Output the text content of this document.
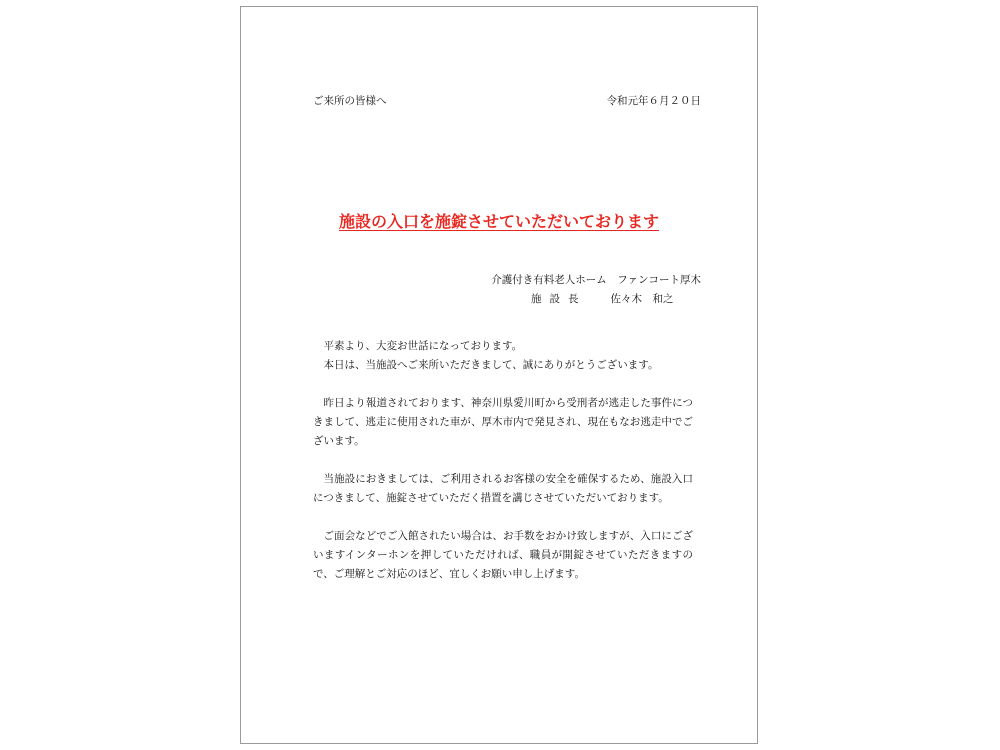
ご来所の皆様へ	令和元年６月２０日
施設の入口を施錠させていただいております
介護付き有料老人ホーム　ファンコート厚木
施設長 佐々木　和之

平素より、大変お世話になっております。

本日は、当施設へご来所いただきまして、誠にありがとうございます。

昨日より報道されております、神奈川県愛川町から受刑者が逃走した事件につきまして、逃走に使用された車が、厚木市内で発見され、現在もなお逃走中でございます。

当施設におきましては、ご利用されるお客様の安全を確保するため、施設入口につきまして、施錠させていただく措置を講じさせていただいております。

ご面会などでご入館されたい場合は、お手数をおかけ致しますが、入口にございますインターホンを押していただければ、職員が開錠させていただきますので、ご理解とご対応のほど、宜しくお願い申し上げます。
